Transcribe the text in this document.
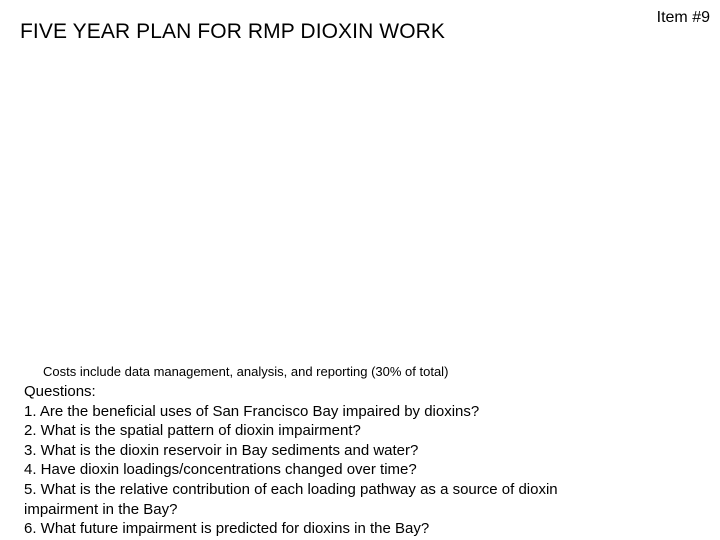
FIVE YEAR PLAN FOR RMP DIOXIN WORK
Item #9
Costs include data management, analysis, and reporting (30% of total)
Questions:
1. Are the beneficial uses of San Francisco Bay impaired by dioxins?
2. What is the spatial pattern of dioxin impairment?
3. What is the dioxin reservoir in Bay sediments and water?
4. Have dioxin loadings/concentrations changed over time?
5. What is the relative contribution of each loading pathway as a source of dioxin impairment in the Bay?
6. What future impairment is predicted for dioxins in the Bay?
